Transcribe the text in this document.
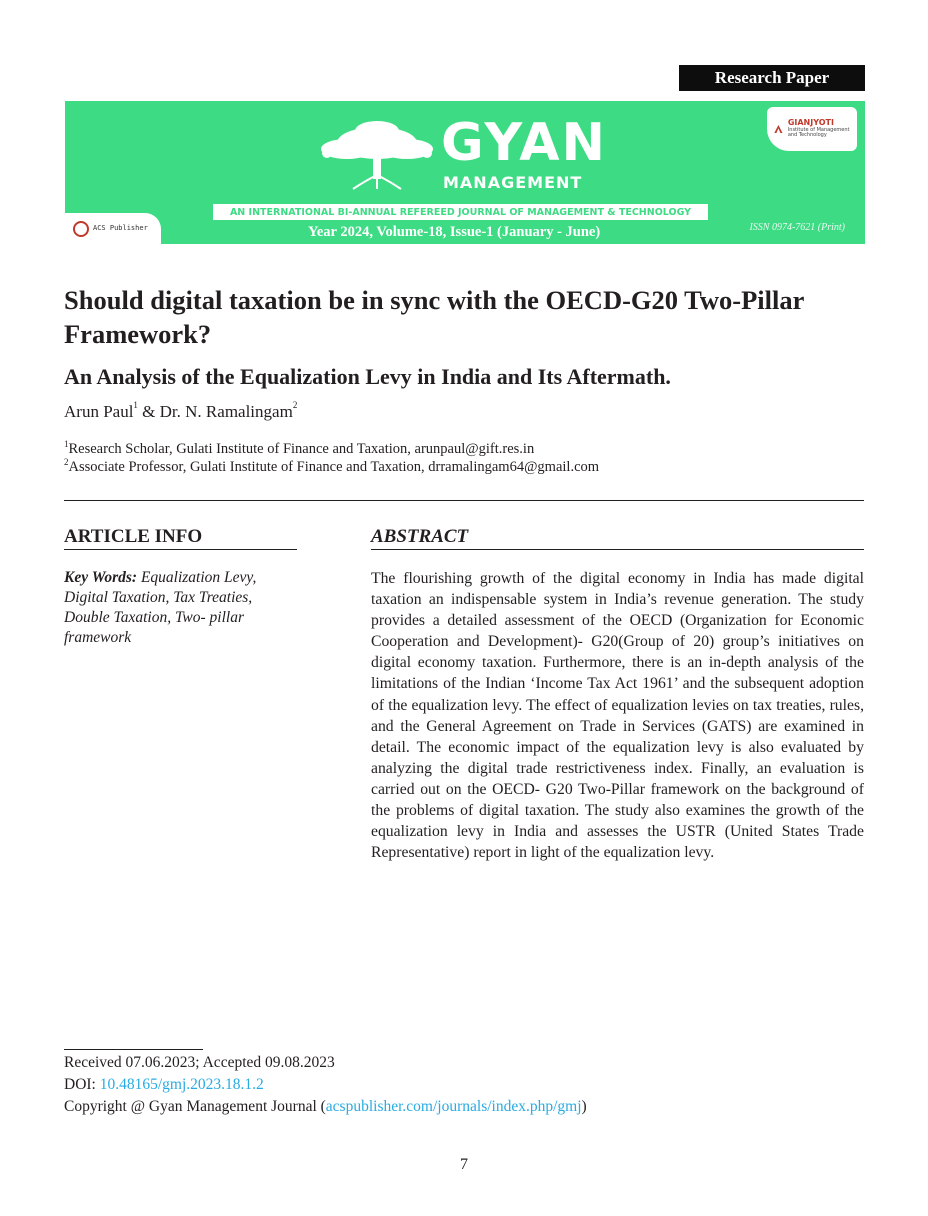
Research Paper
GYAN
MANAGEMENT
GIANJYOTI
Institute of Management and Technology
AN INTERNATIONAL BI-ANNUAL REFEREED JOURNAL OF MANAGEMENT & TECHNOLOGY
Year 2024, Volume-18, Issue-1 (January - June)	ISSN 0974-7621 (Print)
ACS Publisher
Should digital taxation be in sync with the OECD-G20 Two-Pillar Framework?
An Analysis of the Equalization Levy in India and Its Aftermath.
Arun Paul$^1$ & Dr. N. Ramalingam$^2$
$^1$Research Scholar, Gulati Institute of Finance and Taxation, arunpaul@gift.res.in
$^2$Associate Professor, Gulati Institute of Finance and Taxation, drramalingam64@gmail.com
ARTICLE INFO
Key Words: Equalization Levy, Digital Taxation, Tax Treaties, Double Taxation, Two- pillar framework
ABSTRACT

The flourishing growth of the digital economy in India has made digital taxation an indispensable system in India’s revenue generation. The study provides a detailed assessment of the OECD (Organization for Economic Cooperation and Development)- G20(Group of 20) group’s initiatives on digital economy taxation. Furthermore, there is an in-depth analysis of the limitations of the Indian ‘Income Tax Act 1961’ and the subsequent adoption of the equalization levy. The effect of equalization levies on tax treaties, rules, and the General Agreement on Trade in Services (GATS) are examined in detail. The economic impact of the equalization levy is also evaluated by analyzing the digital trade restrictiveness index. Finally, an evaluation is carried out on the OECD- G20 Two-Pillar framework on the background of the problems of digital taxation. The study also examines the growth of the equalization levy in India and assesses the USTR (United States Trade Representative) report in light of the equalization levy.

Received 07.06.2023; Accepted 09.08.2023
DOI: 10.48165/gmj.2023.18.1.2
Copyright @ Gyan Management Journal (acspublisher.com/journals/index.php/gmj)
7
